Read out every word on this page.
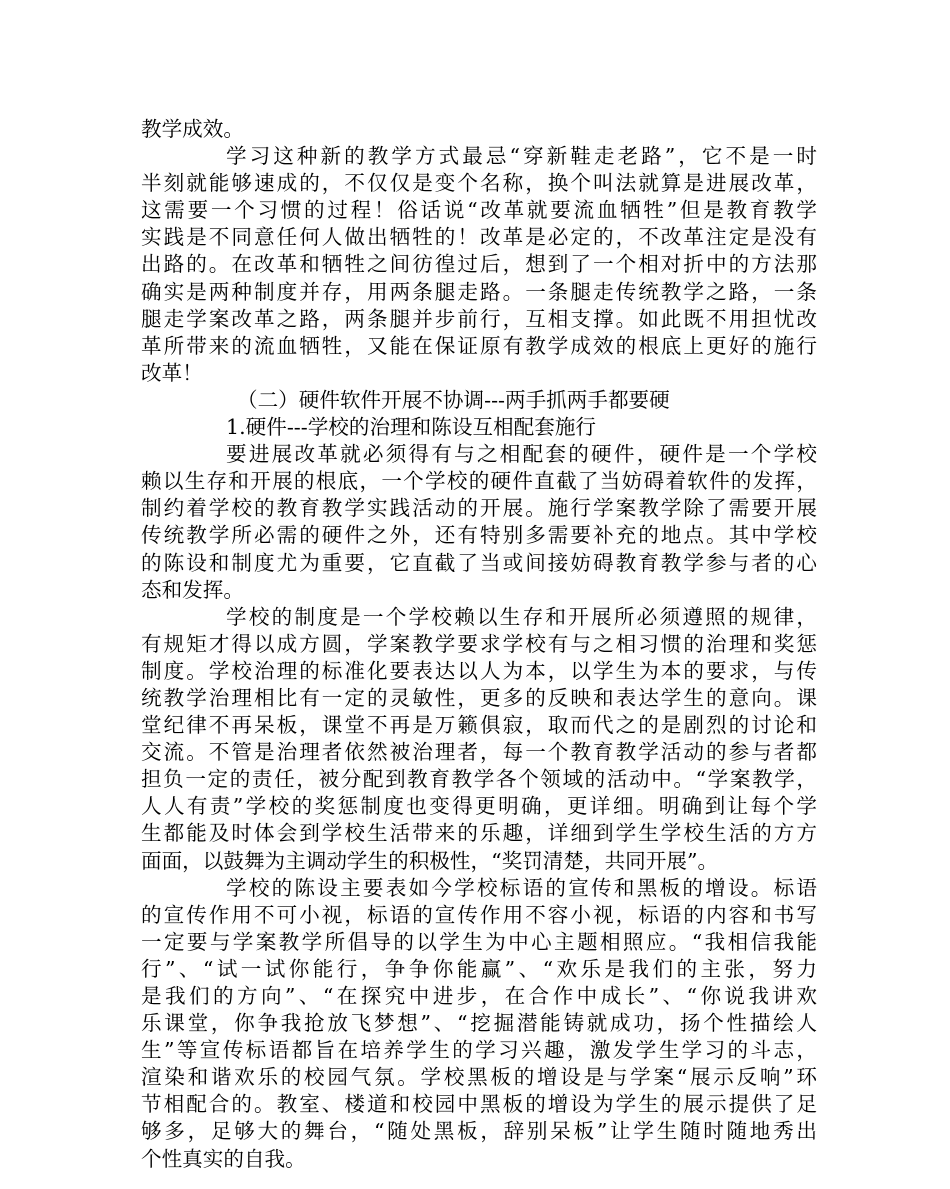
教学成效。
学习这种新的教学方式最忌“穿新鞋走老路”，它不是一时
半刻就能够速成的，不仅仅是变个名称，换个叫法就算是进展改革，
这需要一个习惯的过程！俗话说“改革就要流血牺牲”但是教育教学
实践是不同意任何人做出牺牲的！改革是必定的，不改革注定是没有
出路的。在改革和牺牲之间彷徨过后，想到了一个相对折中的方法那
确实是两种制度并存，用两条腿走路。一条腿走传统教学之路，一条
腿走学案改革之路，两条腿并步前行，互相支撑。如此既不用担忧改
革所带来的流血牺牲，又能在保证原有教学成效的根底上更好的施行
改革！
（二）硬件软件开展不协调---两手抓两手都要硬
1.硬件---学校的治理和陈设互相配套施行
要进展改革就必须得有与之相配套的硬件，硬件是一个学校
赖以生存和开展的根底，一个学校的硬件直截了当妨碍着软件的发挥，
制约着学校的教育教学实践活动的开展。施行学案教学除了需要开展
传统教学所必需的硬件之外，还有特别多需要补充的地点。其中学校
的陈设和制度尤为重要，它直截了当或间接妨碍教育教学参与者的心
态和发挥。
学校的制度是一个学校赖以生存和开展所必须遵照的规律，
有规矩才得以成方圆，学案教学要求学校有与之相习惯的治理和奖惩
制度。学校治理的标准化要表达以人为本，以学生为本的要求，与传
统教学治理相比有一定的灵敏性，更多的反映和表达学生的意向。课
堂纪律不再呆板，课堂不再是万籁俱寂，取而代之的是剧烈的讨论和
交流。不管是治理者依然被治理者，每一个教育教学活动的参与者都
担负一定的责任，被分配到教育教学各个领域的活动中。“学案教学，
人人有责”学校的奖惩制度也变得更明确，更详细。明确到让每个学
生都能及时体会到学校生活带来的乐趣，详细到学生学校生活的方方
面面，以鼓舞为主调动学生的积极性，“奖罚清楚，共同开展”。
学校的陈设主要表如今学校标语的宣传和黑板的增设。标语
的宣传作用不可小视，标语的宣传作用不容小视，标语的内容和书写
一定要与学案教学所倡导的以学生为中心主题相照应。“我相信我能
行”、“试一试你能行，争争你能赢”、“欢乐是我们的主张，努力
是我们的方向”、“在探究中进步，在合作中成长”、“你说我讲欢
乐课堂，你争我抢放飞梦想”、“挖掘潜能铸就成功，扬个性描绘人
生”等宣传标语都旨在培养学生的学习兴趣，激发学生学习的斗志，
渲染和谐欢乐的校园气氛。学校黑板的增设是与学案“展示反响”环
节相配合的。教室、楼道和校园中黑板的增设为学生的展示提供了足
够多，足够大的舞台，“随处黑板，辞别呆板”让学生随时随地秀出
个性真实的自我。
